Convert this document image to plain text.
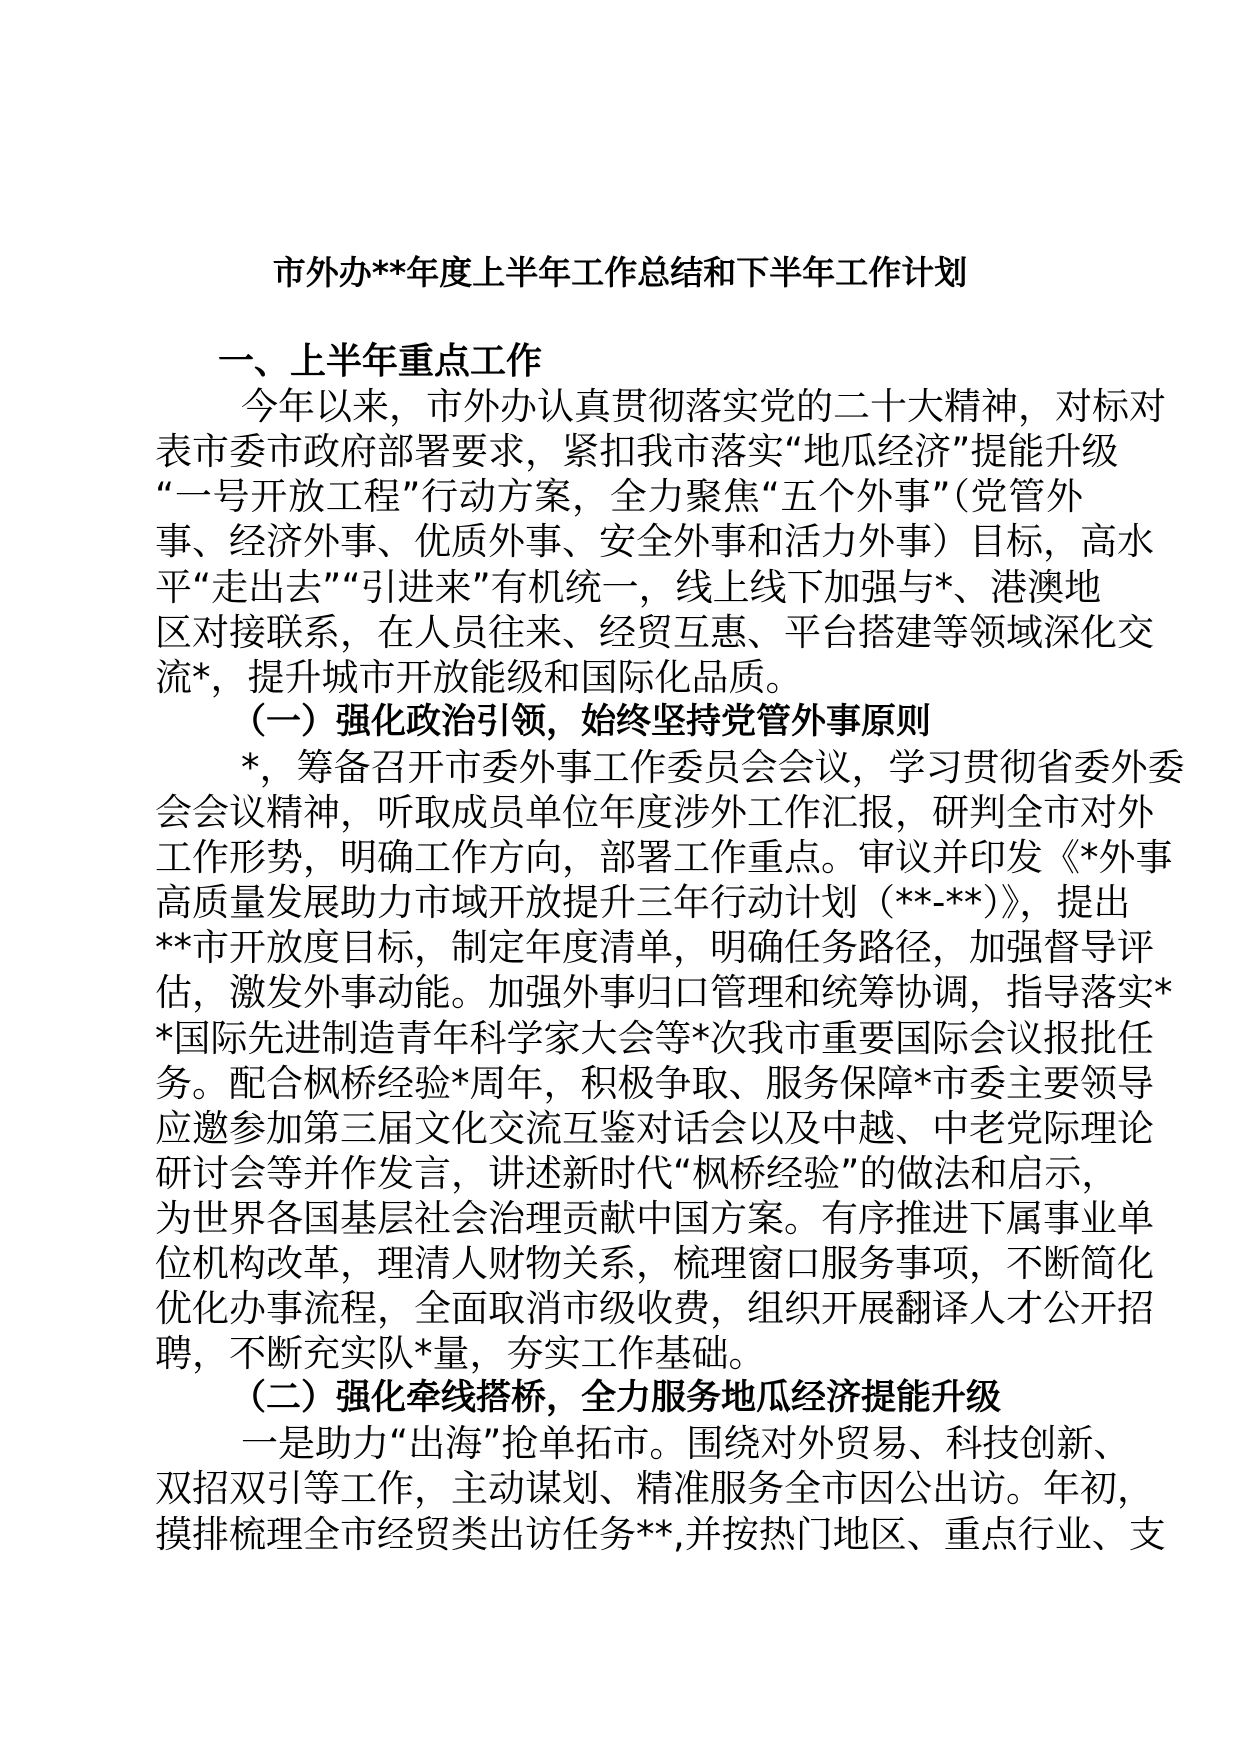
市外办**年度上半年工作总结和下半年工作计划
一、上半年重点工作
今年以来，市外办认真贯彻落实党的二十大精神，对标对
表市委市政府部署要求，紧扣我市落实“地瓜经济”提能升级
“一号开放工程”行动方案，全力聚焦“五个外事”（党管外
事、经济外事、优质外事、安全外事和活力外事）目标，高水
平“走出去”“引进来”有机统一，线上线下加强与*、港澳地
区对接联系，在人员往来、经贸互惠、平台搭建等领域深化交
流*，提升城市开放能级和国际化品质。
（一）强化政治引领，始终坚持党管外事原则
*，筹备召开市委外事工作委员会会议，学习贯彻省委外委
会会议精神，听取成员单位年度涉外工作汇报，研判全市对外
工作形势，明确工作方向，部署工作重点。审议并印发《*外事
高质量发展助力市域开放提升三年行动计划（**-**）》，提出
**市开放度目标，制定年度清单，明确任务路径，加强督导评
估，激发外事动能。加强外事归口管理和统筹协调，指导落实*
*国际先进制造青年科学家大会等*次我市重要国际会议报批任
务。配合枫桥经验*周年，积极争取、服务保障*市委主要领导
应邀参加第三届文化交流互鉴对话会以及中越、中老党际理论
研讨会等并作发言，讲述新时代“枫桥经验”的做法和启示，
为世界各国基层社会治理贡献中国方案。有序推进下属事业单
位机构改革，理清人财物关系，梳理窗口服务事项，不断简化
优化办事流程，全面取消市级收费，组织开展翻译人才公开招
聘，不断充实队*量，夯实工作基础。
（二）强化牵线搭桥，全力服务地瓜经济提能升级
一是助力“出海”抢单拓市。围绕对外贸易、科技创新、
双招双引等工作，主动谋划、精准服务全市因公出访。年初，
摸排梳理全市经贸类出访任务**,并按热门地区、重点行业、支
